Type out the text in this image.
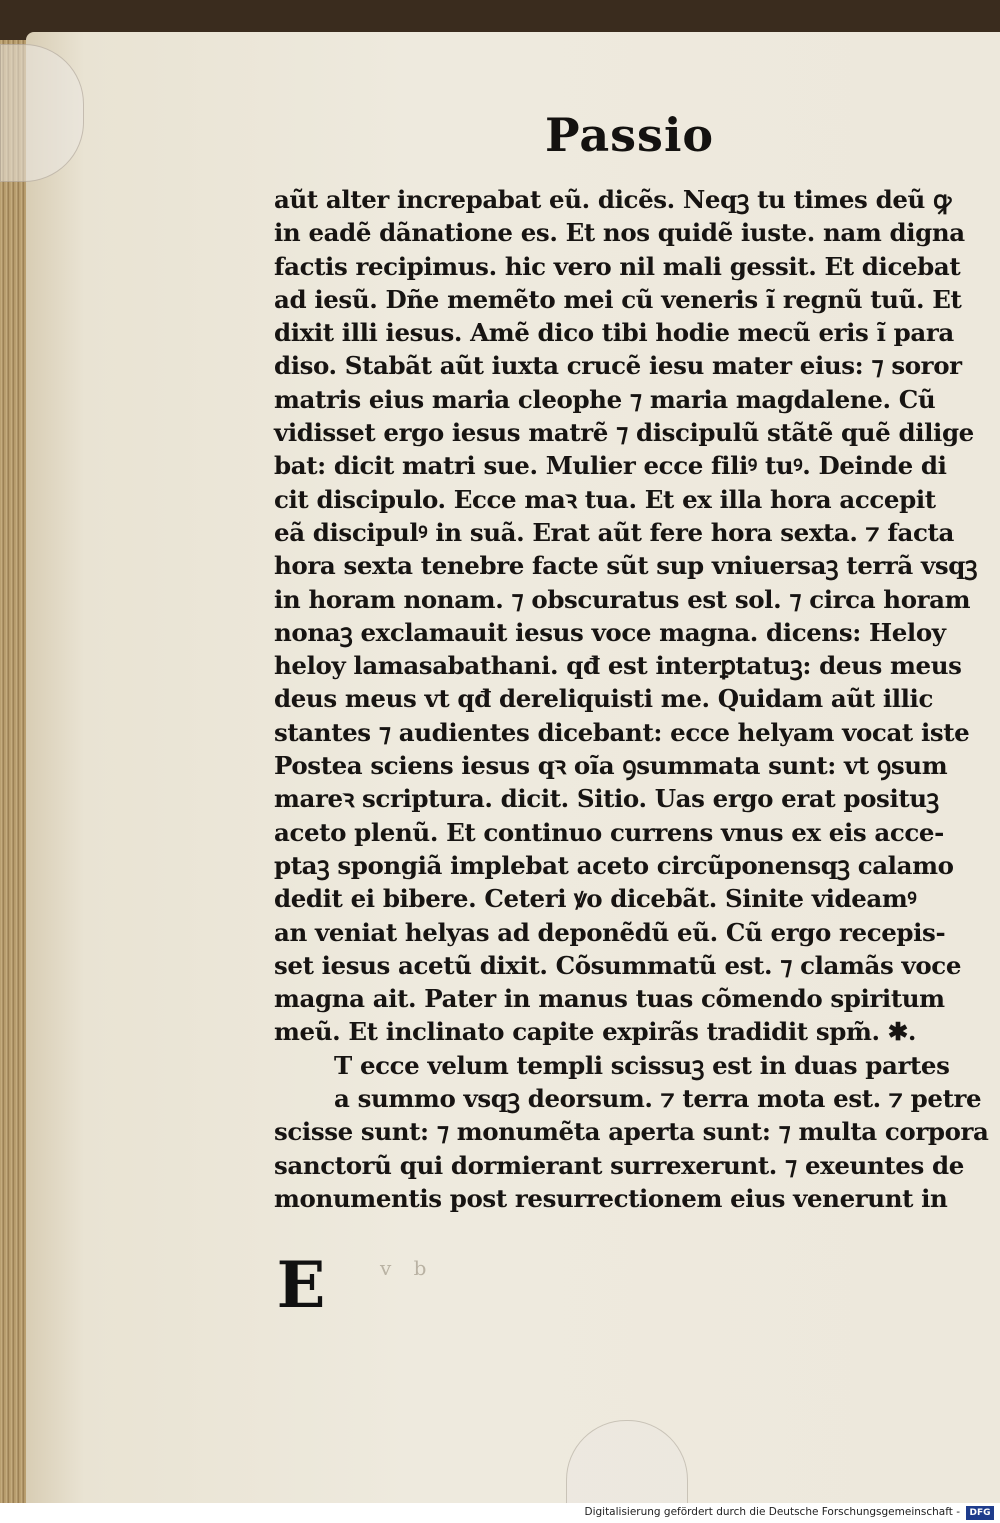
Passio
E
aũt alter increpabat eũ. dicẽs. Neqꝫ tu times deũ ꝙ
in eadẽ dãnatione es. Et nos quidẽ iuste. nam digna
factis recipimus. hic vero nil mali gessit. Et dicebat
ad iesũ. Dñe memẽto mei cũ veneris ĩ regnũ tuũ. Et
dixit illi iesus. Amẽ dico tibi hodie mecũ eris ĩ para
diso. Stabãt aũt iuxta crucẽ iesu mater eius: ⁊ soror
matris eius maria cleophe ⁊ maria magdalene. Cũ
vidisset ergo iesus matrẽ ⁊ discipulũ stãtẽ quẽ dilige
bat: dicit matri sue. Mulier ecce filiꝰ tuꝰ. Deinde di
cit discipulo. Ecce maꝛ tua. Et ex illa hora accepit
eã discipulꝰ in suã. Erat aũt fere hora sexta. ⁊ facta
hora sexta tenebre facte sũt sup vniuersaꝫ terrã vsqꝫ
in horam nonam. ⁊ obscuratus est sol. ⁊ circa horam
nonaꝫ exclamauit iesus voce magna. dicens: Heloy
heloy lamasabathani. qđ est interꝑtatuꝫ: deus meus
deus meus vt qđ dereliquisti me. Quidam aũt illic
stantes ⁊ audientes dicebant: ecce helyam vocat iste
Postea sciens iesus qꝛ oĩa ꝯsummata sunt: vt ꝯsum
mareꝛ scriptura. dicit. Sitio. Uas ergo erat posituꝫ
aceto plenũ. Et continuo currens vnus ex eis acce-
ptaꝫ spongiã implebat aceto circũponensqꝫ calamo
dedit ei bibere. Ceteri ꝟo dicebãt. Sinite videamꝰ
an veniat helyas ad deponẽdũ eũ. Cũ ergo recepis-
set iesus acetũ dixit. Cõsummatũ est. ⁊ clamãs voce
magna ait. Pater in manus tuas cõmendo spiritum
meũ. Et inclinato capite expirãs tradidit spm̃. ✱.
T ecce velum templi scissuꝫ est in duas partes
a summo vsqꝫ deorsum. ⁊ terra mota est. ⁊ petre
scisse sunt: ⁊ monumẽta aperta sunt: ⁊ multa corpora
sanctorũ qui dormierant surrexerunt. ⁊ exeuntes de
monumentis post resurrectionem eius venerunt in
v b
Digitalisierung gefördert durch die Deutsche Forschungsgemeinschaft -	DFG
